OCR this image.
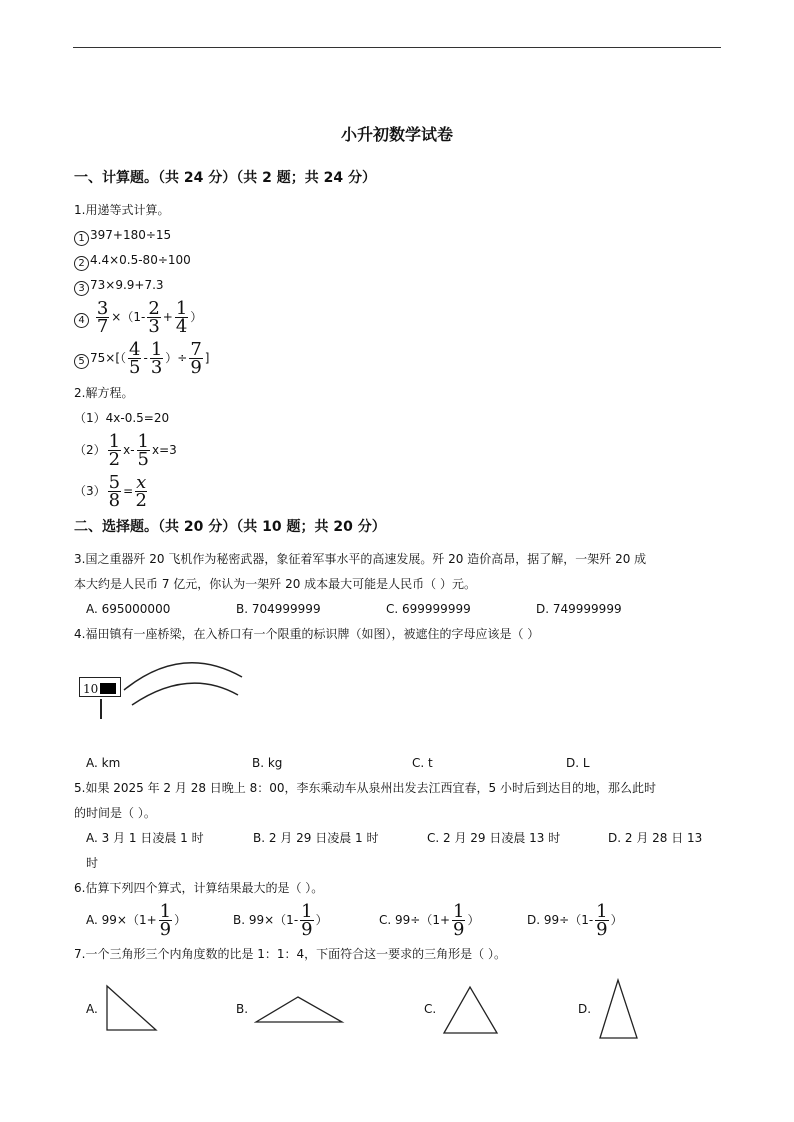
小升初数学试卷
一、计算题。（共 24 分）（共 2 题；共 24 分）
1.用递等式计算。
1 397+180÷15
2 4.4×0.5-80÷100
3 73×9.9+7.3
$4 \frac{3}{7} \times(1- \frac{2}{3} + \frac{1}{4}$ ）
5 $75\times[( \frac{4}{5} - \frac{1}{3}$ ）÷ $\frac{7}{9}$ ]
2.解方程。
（1）4x-0.5=20
$(2) \frac{1}{2} x- \frac{1}{5} x=3$
$(3) \frac{5}{8} = \frac{x}{2}$
二、选择题。（共 20 分）（共 10 题；共 20 分）
3.国之重器歼 20 飞机作为秘密武器，象征着军事水平的高速发展。歼 20 造价高昂，据了解，一架歼 20 成
本大约是人民币 7 亿元，你认为一架歼 20 成本最大可能是人民币（ ）元。
A. 695000000	B. 704999999	C. 699999999	D. 749999999
4.福田镇有一座桥梁，在入桥口有一个限重的标识牌（如图），被遮住的字母应该是（ ）
10
A. km	B. kg	C. t	D. L
5.如果 2025 年 2 月 28 日晚上 8：00，李东乘动车从泉州出发去江西宜春，5 小时后到达目的地，那么此时
的时间是（ ）。
A. 3 月 1 日凌晨 1 时	B. 2 月 29 日凌晨 1 时	C. 2 月 29 日凌晨 13 时	D. 2 月 28 日 13
时
6.估算下列四个算式，计算结果最大的是（ ）。
A. $99\times(1+ \frac{1}{9}$ ）	B. $99\times(1- \frac{1}{9}$ ）	C. $99\div(1+ \frac{1}{9}$ ）	D. $99\div(1- \frac{1}{9}$ ）
7.一个三角形三个内角度数的比是 1：1：4，下面符合这一要求的三角形是（ ）。
A.	B.	C.	D.
